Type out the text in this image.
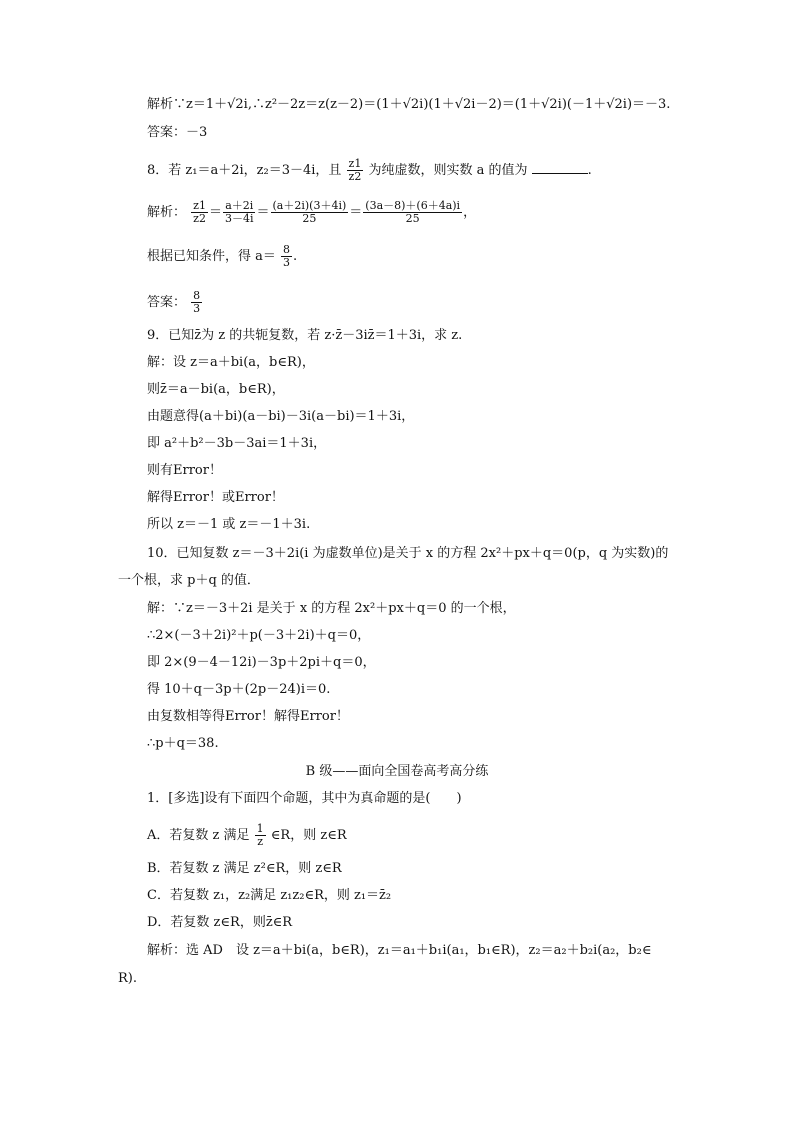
解析∵z＝1＋√2i,∴z²－2z＝z(z－2)＝(1＋√2i)(1＋√2i－2)＝(1＋√2i)(－1＋√2i)＝－3.
答案：－3
8．若 z₁＝a＋2i，z₂＝3－4i，且 $\frac{z1}{z2}$ 为纯虚数，则实数 a 的值为	.
解析： $\frac{z1}{z2} = \frac{a+2i}{3-4i} = \frac{(a+2i)(3+4i)}{25} = \frac{(3a-8)+(6+4a)i}{25}$ ，
根据已知条件，得 $a= \frac{8}{3}$ .
答案： $\frac{8}{3}$
9．已知z̄为 z 的共轭复数，若 z·z̄－3iz̄＝1＋3i，求 z.
解：设 z＝a＋bi(a，b∈R)，
则z̄＝a－bi(a，b∈R)，
由题意得(a＋bi)(a－bi)－3i(a－bi)＝1＋3i，
即 a²＋b²－3b－3ai＝1＋3i，
则有Error！
解得Error！或Error！
所以 z＝－1 或 z＝－1＋3i.
10．已知复数 z＝－3＋2i(i 为虚数单位)是关于 x 的方程 2x²＋px＋q＝0(p，q 为实数)的
一个根，求 p＋q 的值．
解：∵z＝－3＋2i 是关于 x 的方程 2x²＋px＋q＝0 的一个根，
∴2×(－3＋2i)²＋p(－3＋2i)＋q＝0，
即 2×(9－4－12i)－3p＋2pi＋q＝0，
得 10＋q－3p＋(2p－24)i＝0.
由复数相等得Error！解得Error！
∴p＋q＝38.
B 级——面向全国卷高考高分练
1．[多选]设有下面四个命题，其中为真命题的是(　　)
A．若复数 z 满足 $\frac{1}{z}$ ∈R，则 z∈R
B．若复数 z 满足 z²∈R，则 z∈R
C．若复数 z₁，z₂满足 z₁z₂∈R，则 z₁＝z̄₂
D．若复数 z∈R，则z̄∈R
解析：选 AD　设 z＝a＋bi(a，b∈R)，z₁＝a₁＋b₁i(a₁，b₁∈R)，z₂＝a₂＋b₂i(a₂，b₂∈
R).
